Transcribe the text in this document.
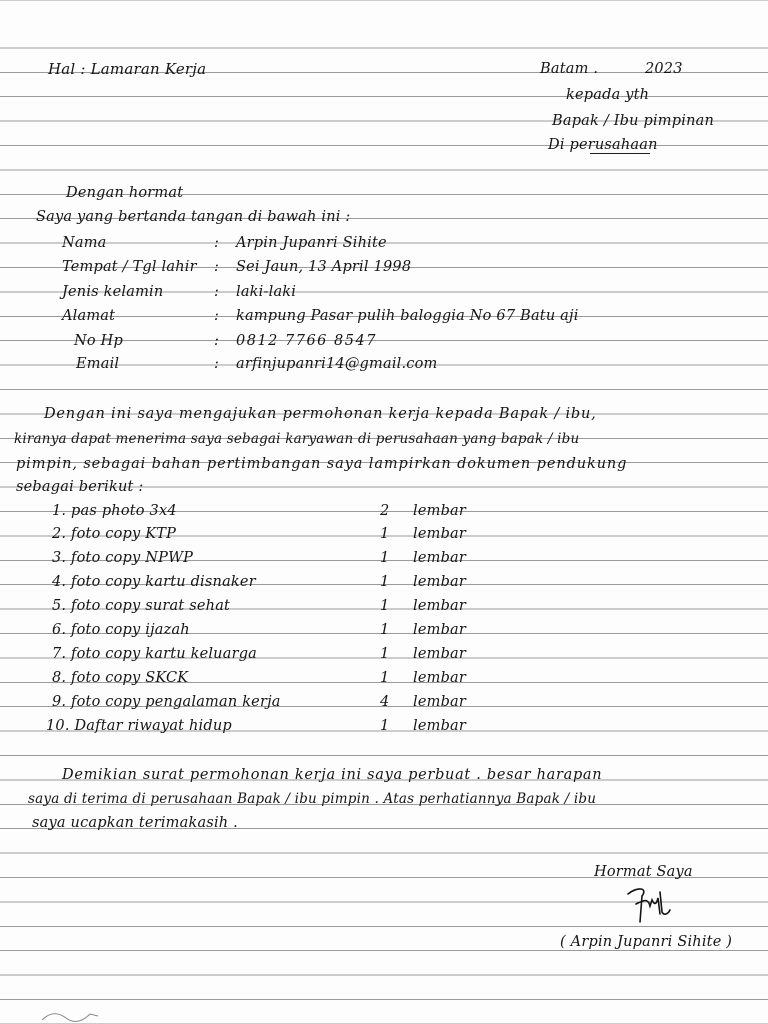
Hal : Lamaran Kerja	Batam .	2023
kepada yth
Bapak / Ibu pimpinan
Di perusahaan
Dengan hormat
Saya yang bertanda tangan di bawah ini :
Nama	: Arpin Jupanri Sihite
Tempat / Tgl lahir	: Sei Jaun, 13 April 1998
Jenis kelamin	: laki-laki
Alamat	: kampung Pasar pulih baloggia No 67 Batu aji
No Hp	: 0812 7766 8547
Email	: arfinjupanri14@gmail.com
Dengan ini saya mengajukan permohonan kerja kepada Bapak / ibu,
kiranya dapat menerima saya sebagai karyawan di perusahaan yang bapak / ibu
pimpin, sebagai bahan pertimbangan saya lampirkan dokumen pendukung
sebagai berikut :
1. pas photo 3x4	2 lembar
2. foto copy KTP	1 lembar
3. foto copy NPWP	1 lembar
4. foto copy kartu disnaker	1 lembar
5. foto copy surat sehat	1 lembar
6. foto copy ijazah	1 lembar
7. foto copy kartu keluarga	1 lembar
8. foto copy SKCK	1 lembar
9. foto copy pengalaman kerja	4 lembar
10. Daftar riwayat hidup	1 lembar
Demikian surat permohonan kerja ini saya perbuat . besar harapan
saya di terima di perusahaan Bapak / ibu pimpin . Atas perhatiannya Bapak / ibu
saya ucapkan terimakasih .
Hormat Saya
( Arpin Jupanri Sihite )
